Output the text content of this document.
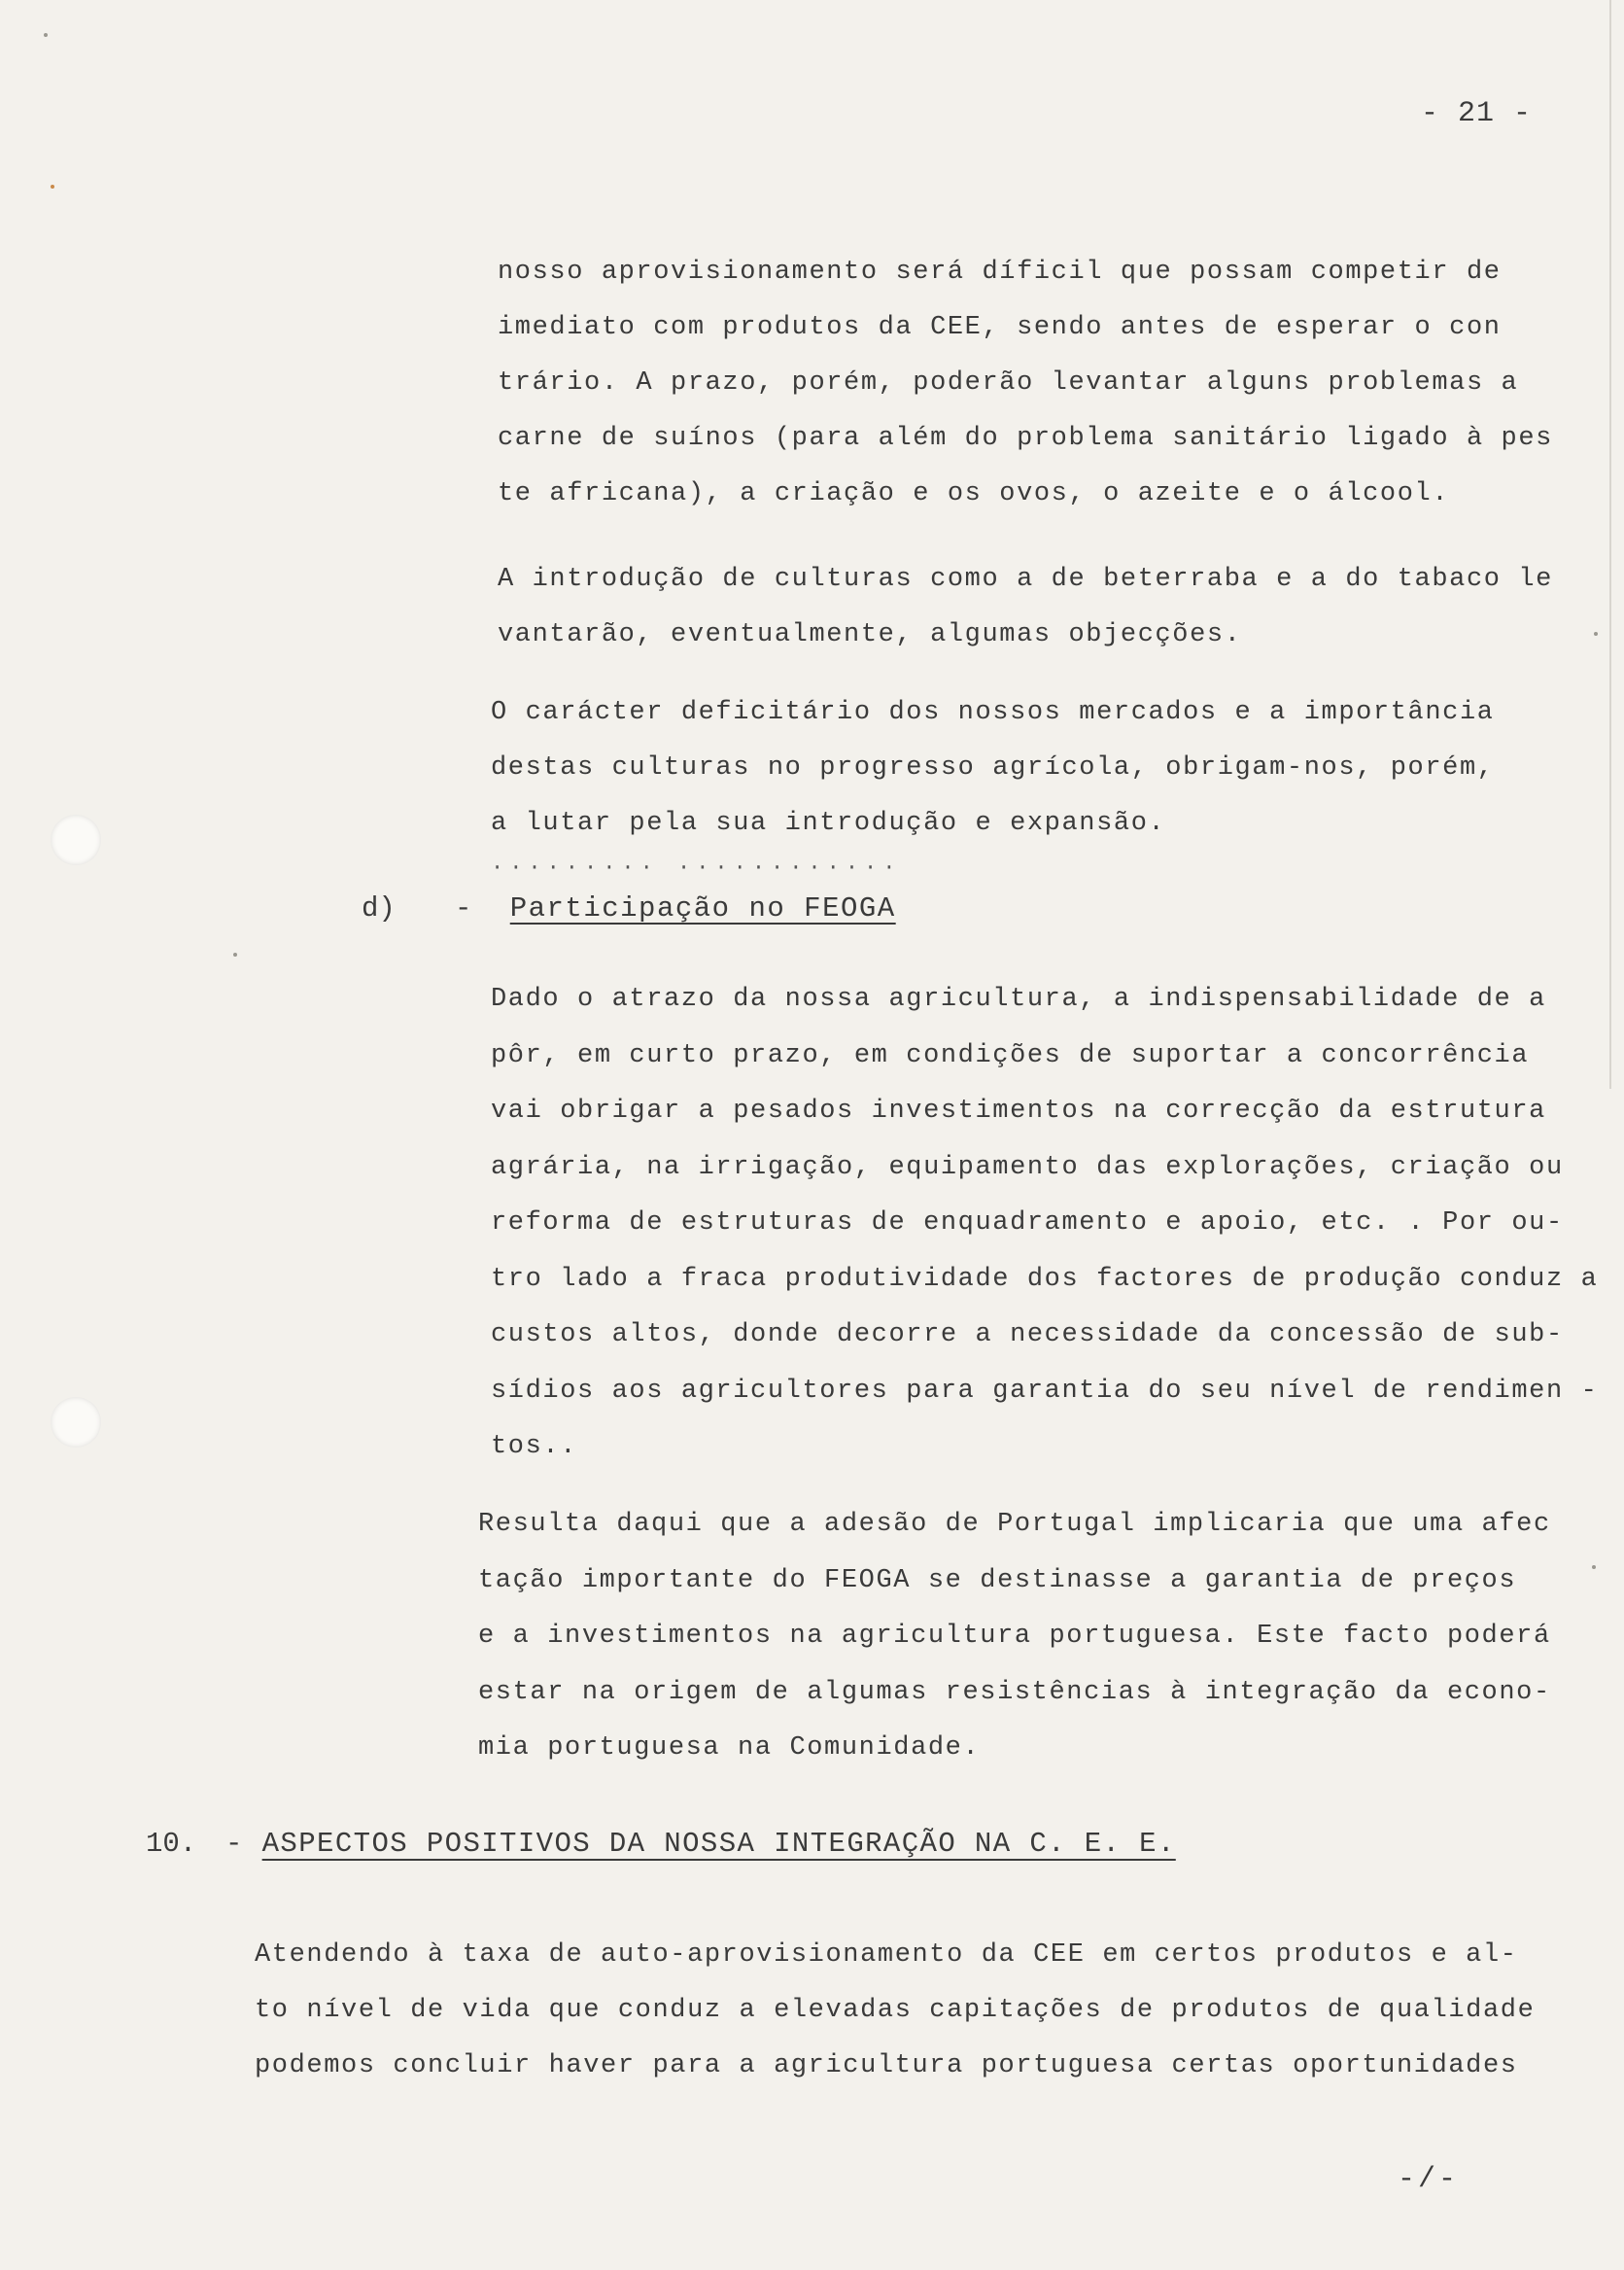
- 21 -
nosso aprovisionamento será díficil que possam competir de
imediato com produtos da CEE, sendo antes de esperar o con
trário. A prazo, porém, poderão levantar alguns problemas a
carne de suínos (para além do problema sanitário ligado à pes
te africana), a criação e os ovos, o azeite e o álcool.
A introdução de culturas como a de beterraba e a do tabaco le
vantarão, eventualmente, algumas objecções.
O carácter deficitário dos nossos mercados e a importância
destas culturas no progresso agrícola, obrigam-nos, porém,
a lutar pela sua introdução e expansão.
········· ············
d) - Participação no FEOGA
Dado o atrazo da nossa agricultura, a indispensabilidade de a
pôr, em curto prazo, em condições de suportar a concorrência
vai obrigar a pesados investimentos na correcção da estrutura
agrária, na irrigação, equipamento das explorações, criação ou
reforma de estruturas de enquadramento e apoio, etc. . Por ou-
tro lado a fraca produtividade dos factores de produção conduz a
custos altos, donde decorre a necessidade da concessão de sub-
sídios aos agricultores para garantia do seu nível de rendimen -
tos..
Resulta daqui que a adesão de Portugal implicaria que uma afec
tação importante do FEOGA se destinasse a garantia de preços
e a investimentos na agricultura portuguesa. Este facto poderá
estar na origem de algumas resistências à integração da econo-
mia portuguesa na Comunidade.
10. - ASPECTOS POSITIVOS DA NOSSA INTEGRAÇÃO NA C. E. E.
Atendendo à taxa de auto-aprovisionamento da CEE em certos produtos e al-
to nível de vida que conduz a elevadas capitações de produtos de qualidade
podemos concluir haver para a agricultura portuguesa certas oportunidades
-/-
